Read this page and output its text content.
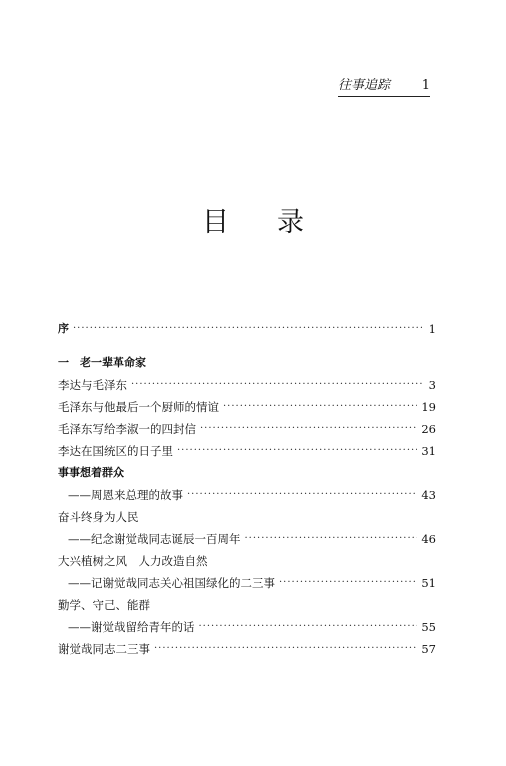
往事追踪 1
目录
序 ·····	1
一　老一辈革命家
李达与毛泽东 ·····	3
毛泽东与他最后一个厨师的情谊 ·····	19
毛泽东写给李淑一的四封信 ·····	26
李达在国统区的日子里 ·····	31
事事想着群众
——周恩来总理的故事 ·····	43
奋斗终身为人民
——纪念谢觉哉同志诞辰一百周年 ·····	46
大兴植树之风　人力改造自然
——记谢觉哉同志关心祖国绿化的二三事 ·····	51
勤学、守己、能群
——谢觉哉留给青年的话 ·····	55
谢觉哉同志二三事 ·····	57
